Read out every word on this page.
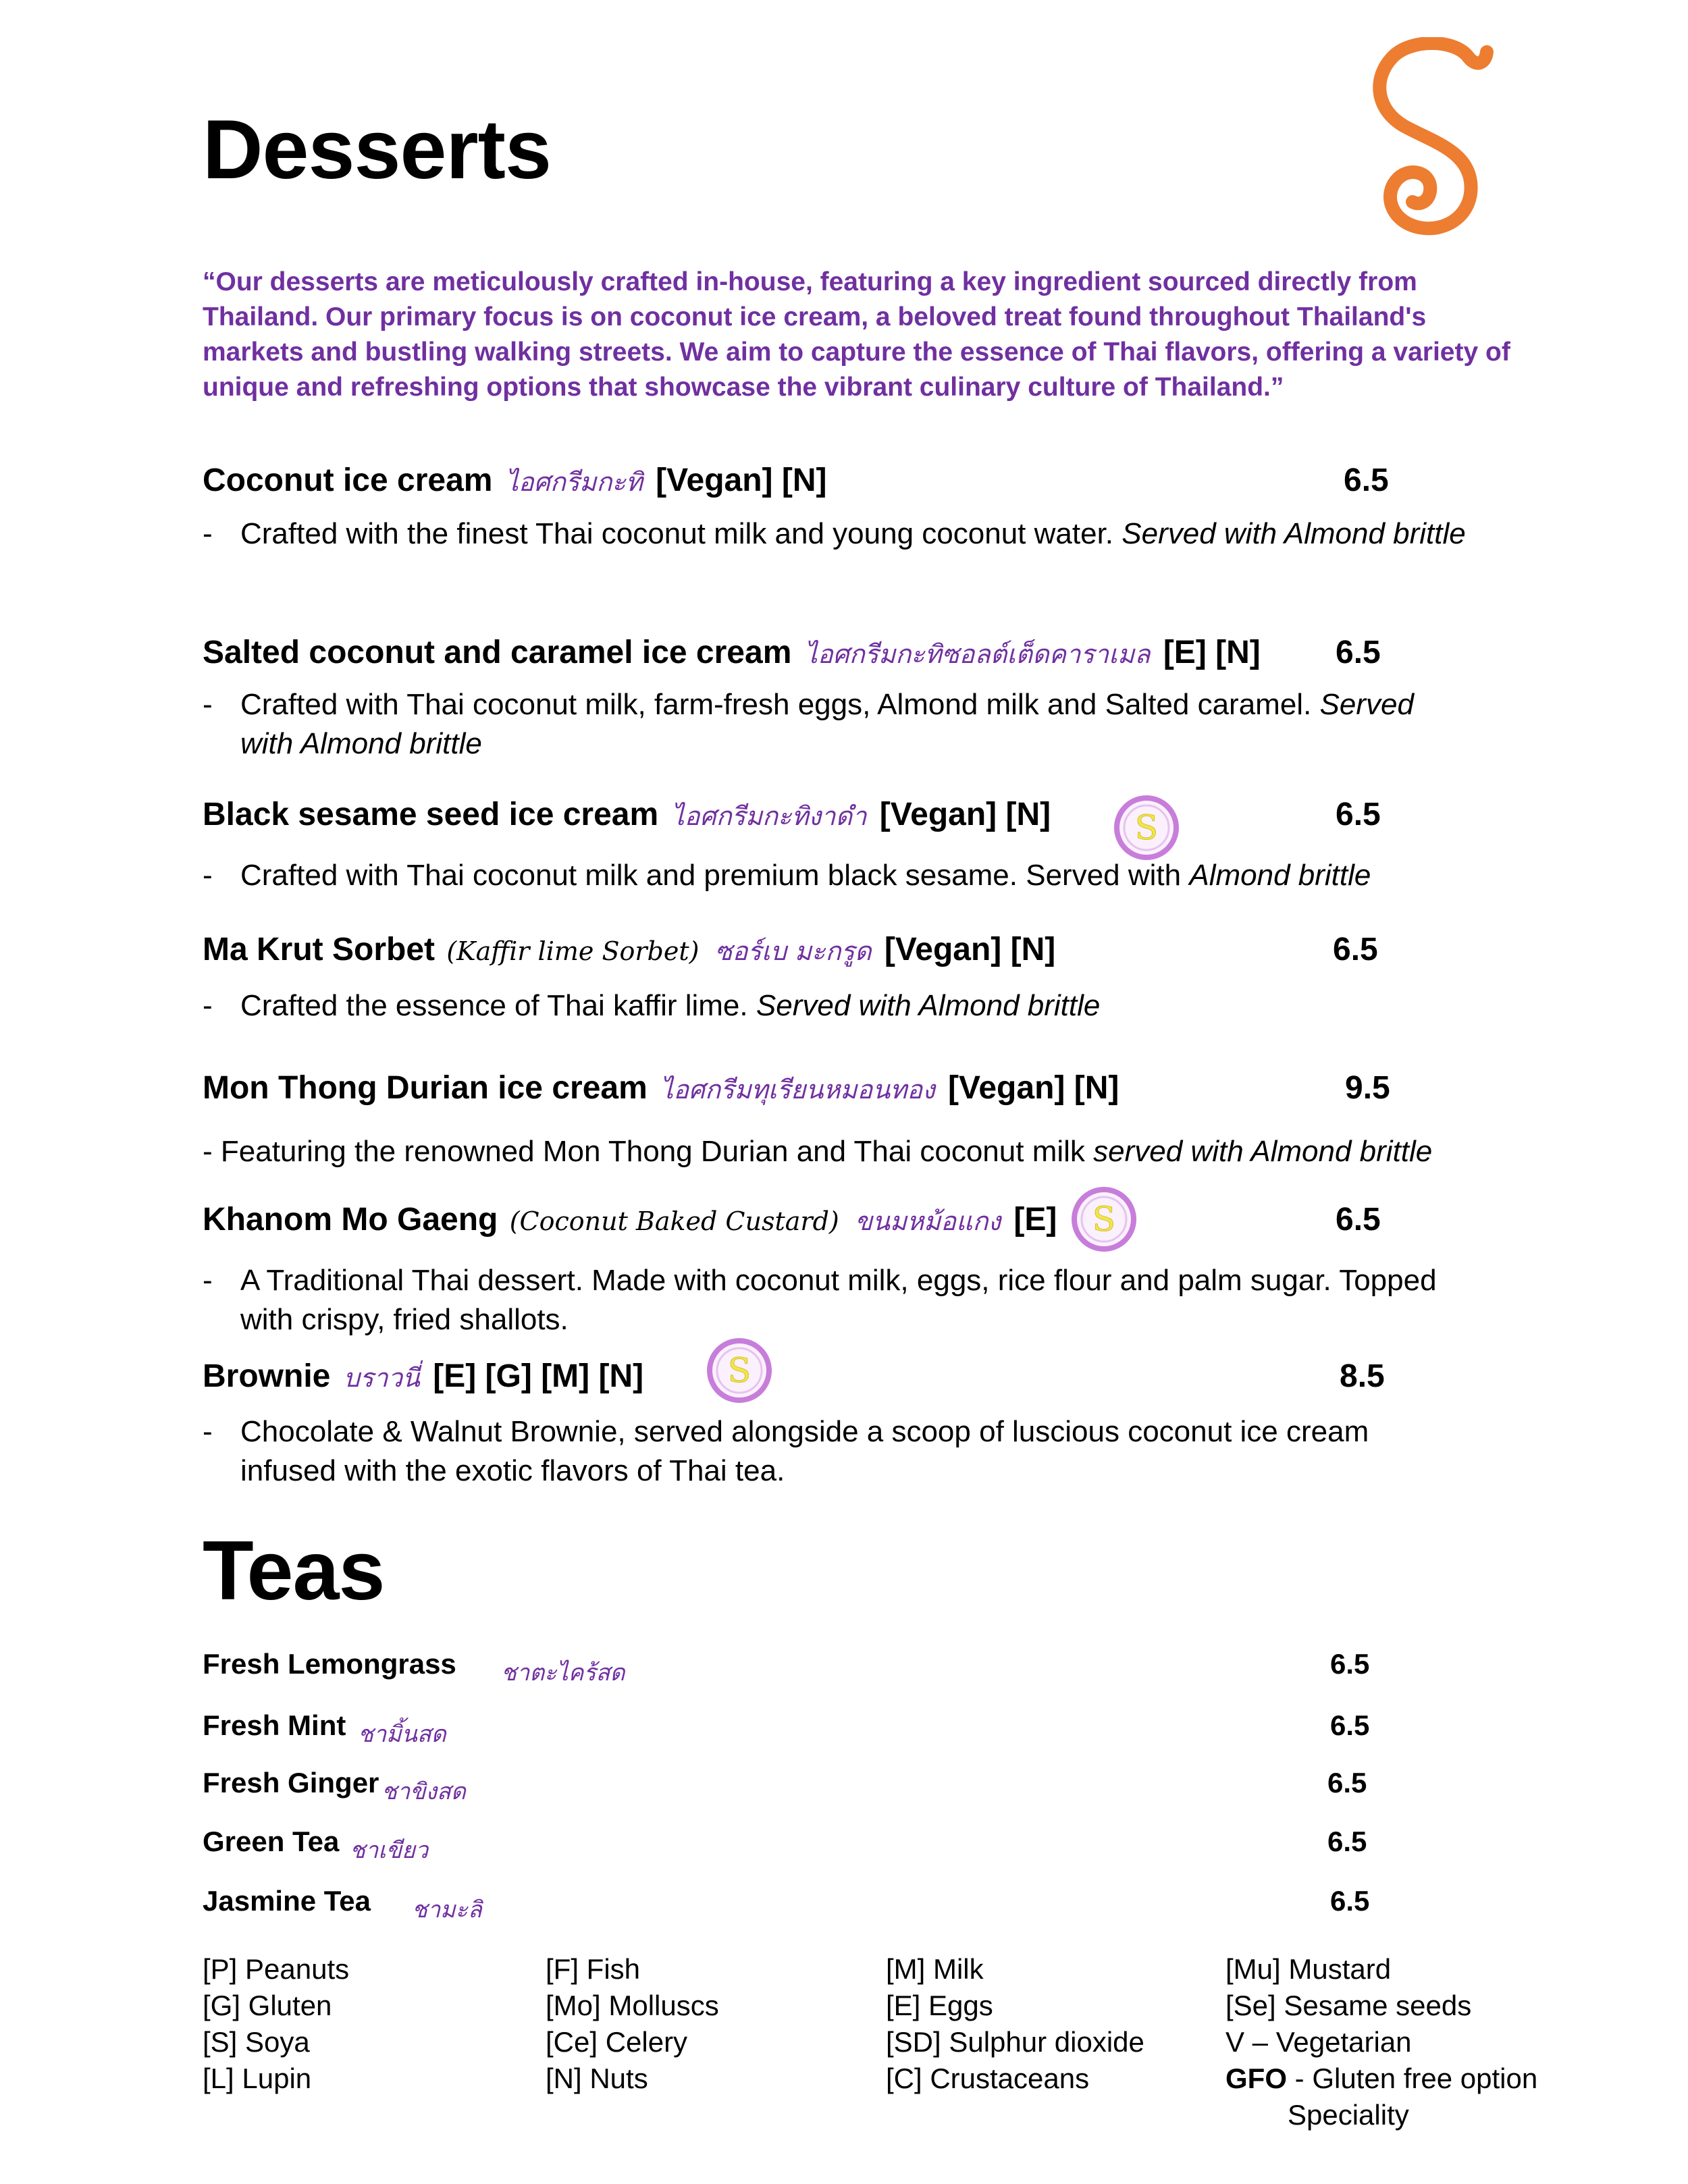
Desserts
“Our desserts are meticulously crafted in-house, featuring a key ingredient sourced directly from Thailand. Our primary focus is on coconut ice cream, a beloved treat found throughout Thailand's markets and bustling walking streets. We aim to capture the essence of Thai flavors, offering a variety of unique and refreshing options that showcase the vibrant culinary culture of Thailand.”
Coconut ice cream ไอศกรีมกะทิ [Vegan] [N]	6.5
- Crafted with the finest Thai coconut milk and young coconut water. Served with Almond brittle
Salted coconut and caramel ice cream ไอศกรีมกะทิซอลต์เต็ดคาราเมล [E] [N] 6.5
- Crafted with Thai coconut milk, farm-fresh eggs, Almond milk and Salted caramel. Served with Almond brittle
Black sesame seed ice cream ไอศกรีมกะทิงาดำ [Vegan] [N] S	6.5
- Crafted with Thai coconut milk and premium black sesame. Served with Almond brittle
Ma Krut Sorbet (Kaffir lime Sorbet) ซอร์เบ มะกรูด [Vegan] [N]	6.5
- Crafted the essence of Thai kaffir lime. Served with Almond brittle
Mon Thong Durian ice cream ไอศกรีมทุเรียนหมอนทอง [Vegan] [N]	9.5
- Featuring the renowned Mon Thong Durian and Thai coconut milk served with Almond brittle
Khanom Mo Gaeng (Coconut Baked Custard) ขนมหม้อแกง [E] S	6.5
- A Traditional Thai dessert. Made with coconut milk, eggs, rice flour and palm sugar. Topped with crispy, fried shallots.
Brownie บราวนี่ [E] [G] [M] [N] S	8.5
- Chocolate & Walnut Brownie, served alongside a scoop of luscious coconut ice cream infused with the exotic flavors of Thai tea.
Teas
Fresh Lemongrass ชาตะไคร้สด	6.5
Fresh Mint ชามิ้นสด	6.5
Fresh Ginger ชาขิงสด	6.5
Green Tea ชาเขียว	6.5
Jasmine Tea ชามะลิ	6.5
[P] Peanuts
[G] Gluten
[S] Soya
[L] Lupin
[F] Fish
[Mo] Molluscs
[Ce] Celery
[N] Nuts
[M] Milk
[E] Eggs
[SD] Sulphur dioxide
[C] Crustaceans
[Mu] Mustard
[Se] Sesame seeds
V – Vegetarian
GFO - Gluten free option
Speciality
